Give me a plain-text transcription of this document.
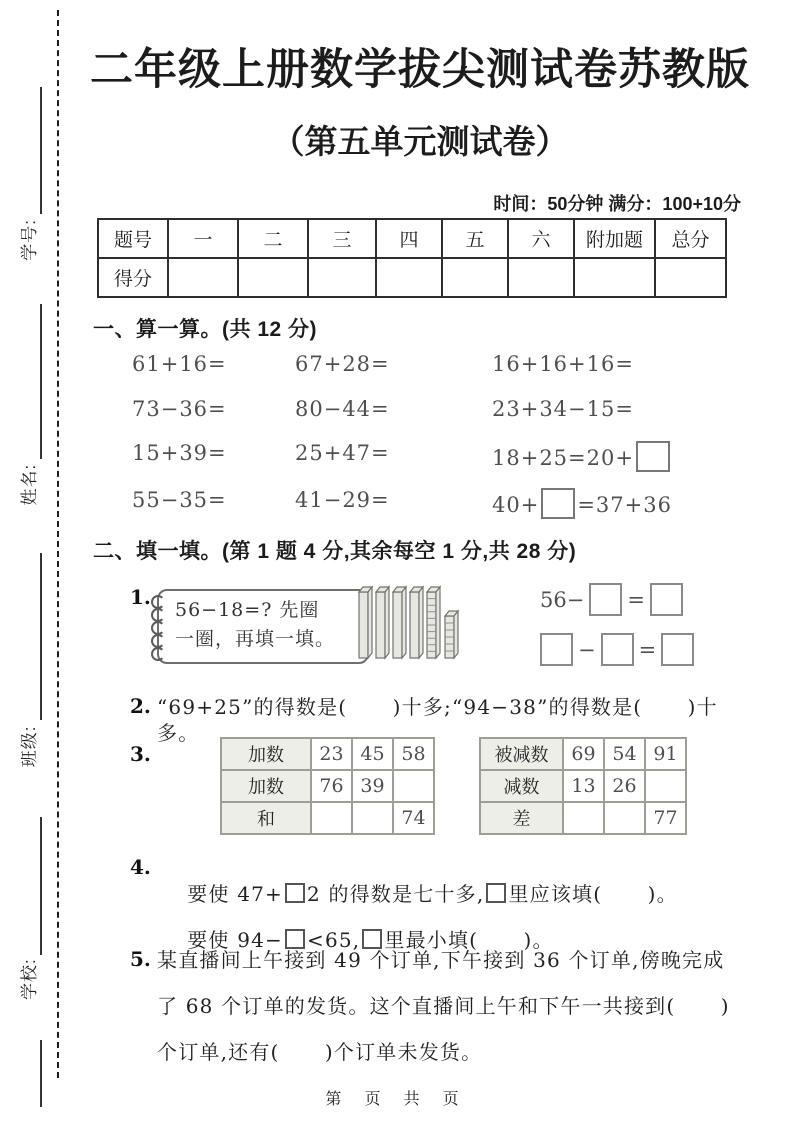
学校:
班级:
姓名:
学号:
二年级上册数学拔尖测试卷苏教版
（第五单元测试卷）
时间：50分钟 满分：100+10分
题号	一	二	三	四	五	六	附加题	总分
得分								
一、算一算。(共 12 分)
61+16=	67+28=	16+16+16=
73−36=	80−44=	23+34−15=
15+39=	25+47=	18+25=20+
55−35=	41−29=	40+ =37+36
二、填一填。(第 1 题 4 分,其余每空 1 分,共 28 分)
1.
56−18=? 先圈
一圈，再填一填。
56− =
− =
2. “69+25”的得数是(      )十多;“94−38”的得数是(      )十多。
3.	加数	23	45	58
加数	76	39	
和			74
被减数	69	54	91
减数	13	26	
差			77
4.

要使 47+ 2 的得数是七十多, 里应该填(      )。

要使 94− <65, 里最小填(      )。

5. 某直播间上午接到 49 个订单,下午接到 36 个订单,傍晚完成
了 68 个订单的发货。这个直播间上午和下午一共接到(      )
个订单,还有(      )个订单未发货。
第 页 共 页
